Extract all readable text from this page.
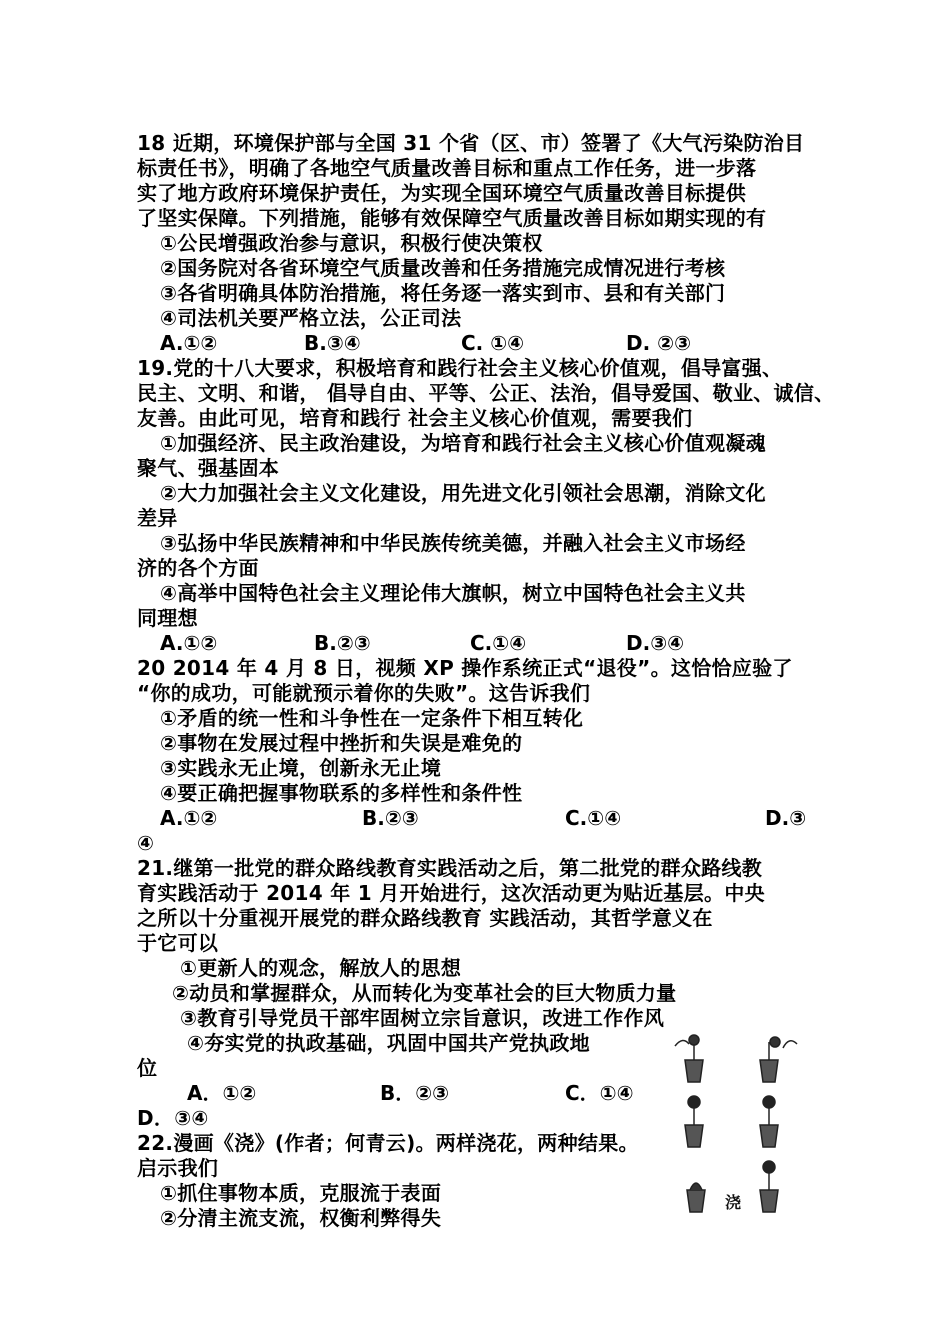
18 近期，环境保护部与全国 31 个省（区、市）签署了《大气污染防治目
标责任书》，明确了各地空气质量改善目标和重点工作任务，进一步落
实了地方政府环境保护责任，为实现全国环境空气质量改善目标提供
了坚实保障。下列措施，能够有效保障空气质量改善目标如期实现的有
①公民增强政治参与意识，积极行使决策权
②国务院对各省环境空气质量改善和任务措施完成情况进行考核
③各省明确具体防治措施，将任务逐一落实到市、县和有关部门
④司法机关要严格立法，公正司法
A.①②	B.③④	C. ①④	D. ②③
19.党的十八大要求，积极培育和践行社会主义核心价值观，倡导富强、
民主、文明、和谐， 倡导自由、平等、公正、法治，倡导爱国、敬业、诚信、
友善。由此可见，培育和践行 社会主义核心价值观，需要我们
①加强经济、民主政治建设，为培育和践行社会主义核心价值观凝魂
聚气、强基固本
②大力加强社会主义文化建设，用先进文化引领社会思潮，消除文化
差异
③弘扬中华民族精神和中华民族传统美德，并融入社会主义市场经
济的各个方面
④高举中国特色社会主义理论伟大旗帜，树立中国特色社会主义共
同理想
A.①②	B.②③	C.①④	D.③④
20 2014 年 4 月 8 日，视频 XP 操作系统正式“退役”。这恰恰应验了
“你的成功，可能就预示着你的失败”。这告诉我们
①矛盾的统一性和斗争性在一定条件下相互转化
②事物在发展过程中挫折和失误是难免的
③实践永无止境，创新永无止境
④要正确把握事物联系的多样性和条件性
A.①②	B.②③	C.①④	D.③
④
21.继第一批党的群众路线教育实践活动之后，第二批党的群众路线教
育实践活动于 2014 年 1 月开始进行，这次活动更为贴近基层。中央
之所以十分重视开展党的群众路线教育 实践活动，其哲学意义在
于它可以
①更新人的观念，解放人的思想
②动员和掌握群众，从而转化为变革社会的巨大物质力量
③教育引导党员干部牢固树立宗旨意识，改进工作作风
④夯实党的执政基础，巩固中国共产党执政地
位
A．①②	B．②③	C．①④
D．③④
22.漫画《浇》(作者；何青云)。两样浇花，两种结果。
启示我们
①抓住事物本质，克服流于表面
②分清主流支流，权衡利弊得失
浇
